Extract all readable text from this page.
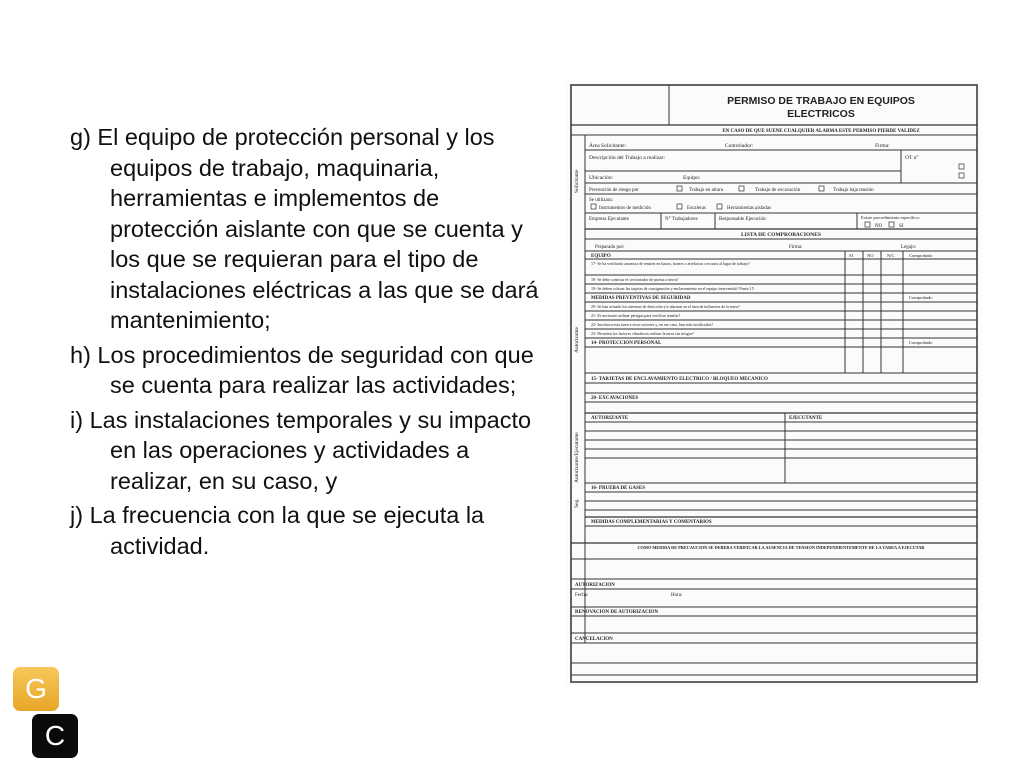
g) El equipo de protección personal y los equipos de trabajo, maquinaria, herramientas e implementos de protección aislante con que se cuenta y los que se requieran para el tipo de instalaciones eléctricas a las que se dará mantenimiento;

h) Los procedimientos de seguridad con que se cuenta para realizar las actividades;

i) Las instalaciones temporales y su impacto en las operaciones y actividades a realizar, en su caso, y

j) La frecuencia con la que se ejecuta la actividad.

PERMISO DE TRABAJO EN EQUIPOS
ELECTRICOS
EN CASO DE QUE SUENE CUALQUIER ALARMA ESTE PERMISO PIERDE VALIDEZ
Solicitante
Autorizante
Autorizante/Ejecutante
Seg.
Área Solicitante:	Controlador:	Firma:
Descripción del Trabajo a realizar:	OT n°
Ubicación:	Equipo:
Prevención de riesgo por	Trabajo en altura	Trabajo de excavación	Trabajo baja tensión
Se utilizara:
Instrumentos de medición	Escaleras	Herramientas aisladas
Empresa Ejecutante	N° Trabajadores	Responsable Ejecución:	Existe procedimiento específico:
NO	SI
LISTA DE COMPROBACIONES
Preparado por:	Firma:	Legajo:
EQUIPO	SI	NO	N/C	Comprobado
17- Se ha verificado ausencia de tensión en barras, bornes o artefactos cercanos al lugar de trabajo?
18- Se debe conectar el seccionador de puesta a tierra?
19- Se deben colocar las tarjetas de consignación y enclavamiento en el equipo intervenido? Punto 15
MEDIDAS PREVENTIVAS DE SEGURIDAD	Comprobado
20- Se han avisado los sistemas de detección y/o alarmas en el área de influencia de la tarea?
21- Es necesario utilizar pértigas para verificar tensión?
22- Involucra esta tarea a otros sectores y, en ese caso, han sido notificados?
23- Permiten los factores climáticos realizar la tarea sin riesgos?
14- PROTECCION PERSONAL	Comprobado
15- TARJETAS DE ENCLAVAMIENTO ELECTRICO / BLOQUEO MECANICO
20- EXCAVACIONES
AUTORIZANTE	EJECUTANTE
16- PRUEBA DE GASES
MEDIDAS COMPLEMENTARIAS Y COMENTARIOS
COMO MEDIDA DE PRECAUCION SE DEBERA VERIFICAR LA AUSENCIA DE TENSION INDEPENDIENTEMENTE DE LA TAREA A EJECUTAR
AUTORIZACION
Fecha:	Hora:
RENOVACION DE AUTORIZACION
CANCELACION
G
C
